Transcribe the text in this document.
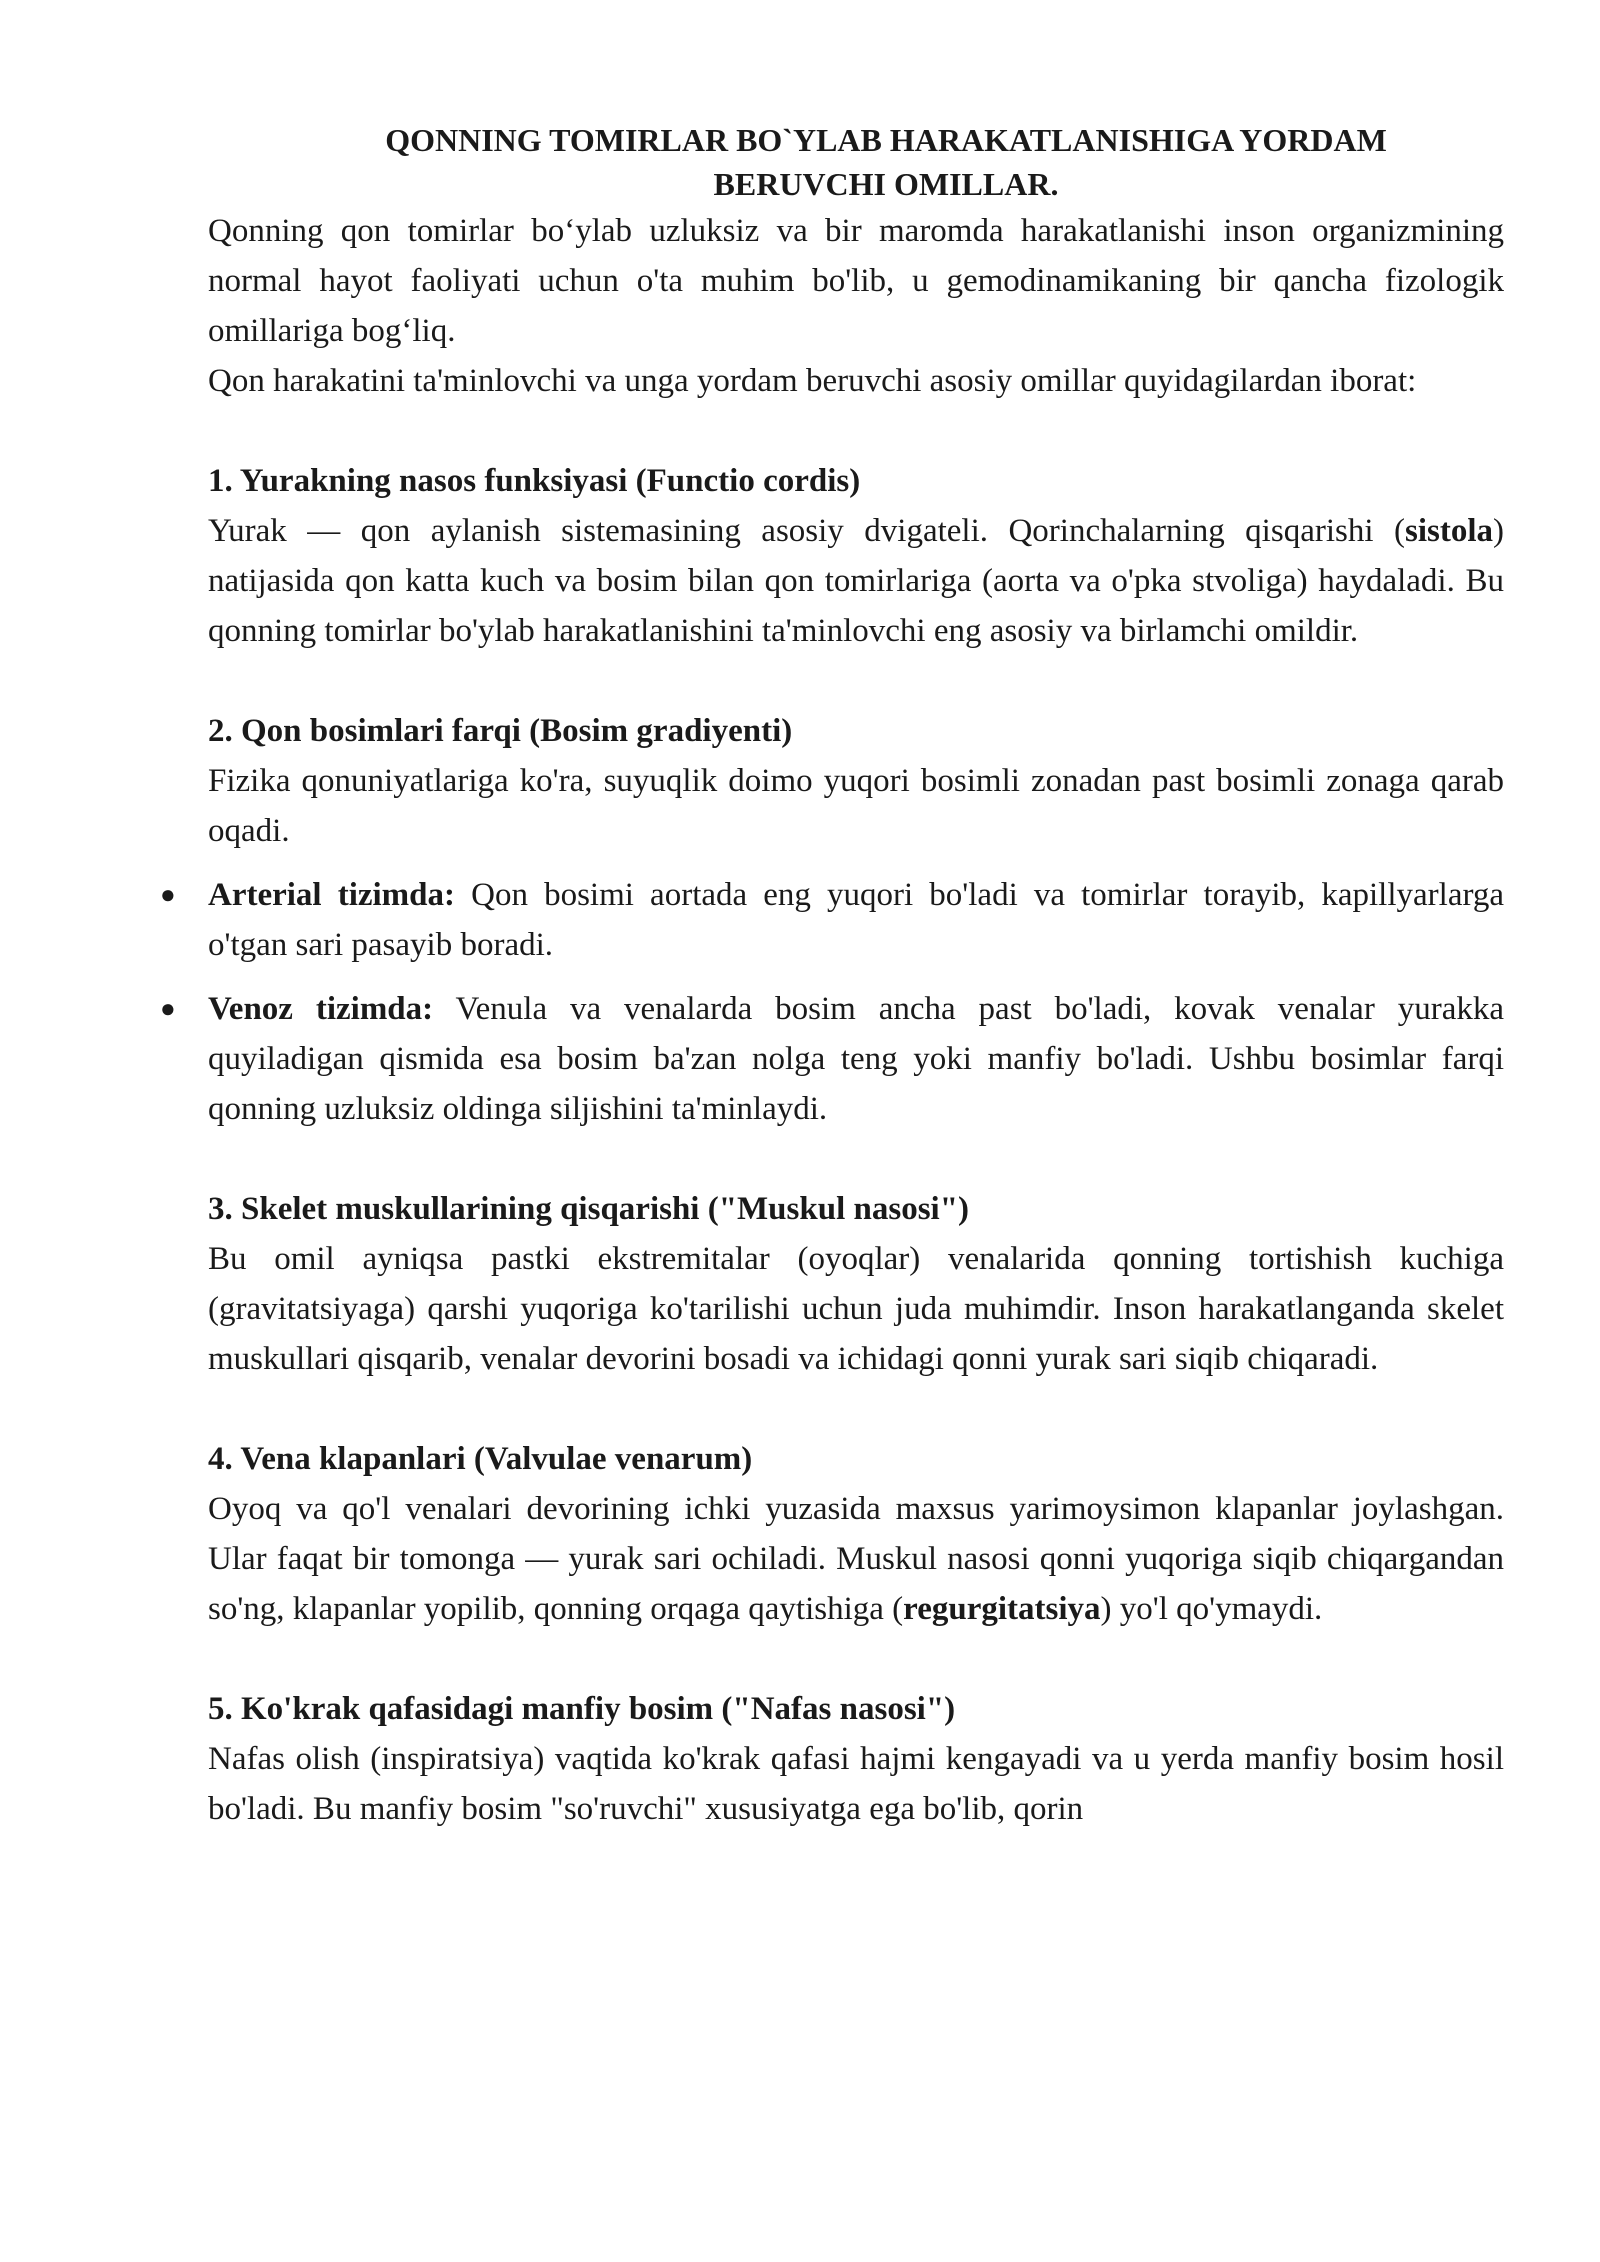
QONNING TOMIRLAR BO`YLAB HARAKATLANISHIGA YORDAM
BERUVCHI OMILLAR.

Qonning qon tomirlar bo‘ylab uzluksiz va bir maromda harakatlanishi inson organizmining normal hayot faoliyati uchun o'ta muhim bo'lib, u gemodinamikaning bir qancha fizologik omillariga bog‘liq.

Qon harakatini ta'minlovchi va unga yordam beruvchi asosiy omillar quyidagilardan iborat:

1. Yurakning nasos funksiyasi (Functio cordis)

Yurak — qon aylanish sistemasining asosiy dvigateli. Qorinchalarning qisqarishi (sistola) natijasida qon katta kuch va bosim bilan qon tomirlariga (aorta va o'pka stvoliga) haydaladi. Bu qonning tomirlar bo'ylab harakatlanishini ta'minlovchi eng asosiy va birlamchi omildir.

2. Qon bosimlari farqi (Bosim gradiyenti)

Fizika qonuniyatlariga ko'ra, suyuqlik doimo yuqori bosimli zonadan past bosimli zonaga qarab oqadi.

● Arterial tizimda: Qon bosimi aortada eng yuqori bo'ladi va tomirlar torayib, kapillyarlarga o'tgan sari pasayib boradi.
● Venoz tizimda: Venula va venalarda bosim ancha past bo'ladi, kovak venalar yurakka quyiladigan qismida esa bosim ba'zan nolga teng yoki manfiy bo'ladi. Ushbu bosimlar farqi qonning uzluksiz oldinga siljishini ta'minlaydi.
3. Skelet muskullarining qisqarishi ("Muskul nasosi")

Bu omil ayniqsa pastki ekstremitalar (oyoqlar) venalarida qonning tortishish kuchiga (gravitatsiyaga) qarshi yuqoriga ko'tarilishi uchun juda muhimdir. Inson harakatlanganda skelet muskullari qisqarib, venalar devorini bosadi va ichidagi qonni yurak sari siqib chiqaradi.

4. Vena klapanlari (Valvulae venarum)

Oyoq va qo'l venalari devorining ichki yuzasida maxsus yarimoysimon klapanlar joylashgan. Ular faqat bir tomonga — yurak sari ochiladi. Muskul nasosi qonni yuqoriga siqib chiqargandan so'ng, klapanlar yopilib, qonning orqaga qaytishiga (regurgitatsiya) yo'l qo'ymaydi.

5. Ko'krak qafasidagi manfiy bosim ("Nafas nasosi")

Nafas olish (inspiratsiya) vaqtida ko'krak qafasi hajmi kengayadi va u yerda manfiy bosim hosil bo'ladi. Bu manfiy bosim "so'ruvchi" xususiyatga ega bo'lib, qorin
